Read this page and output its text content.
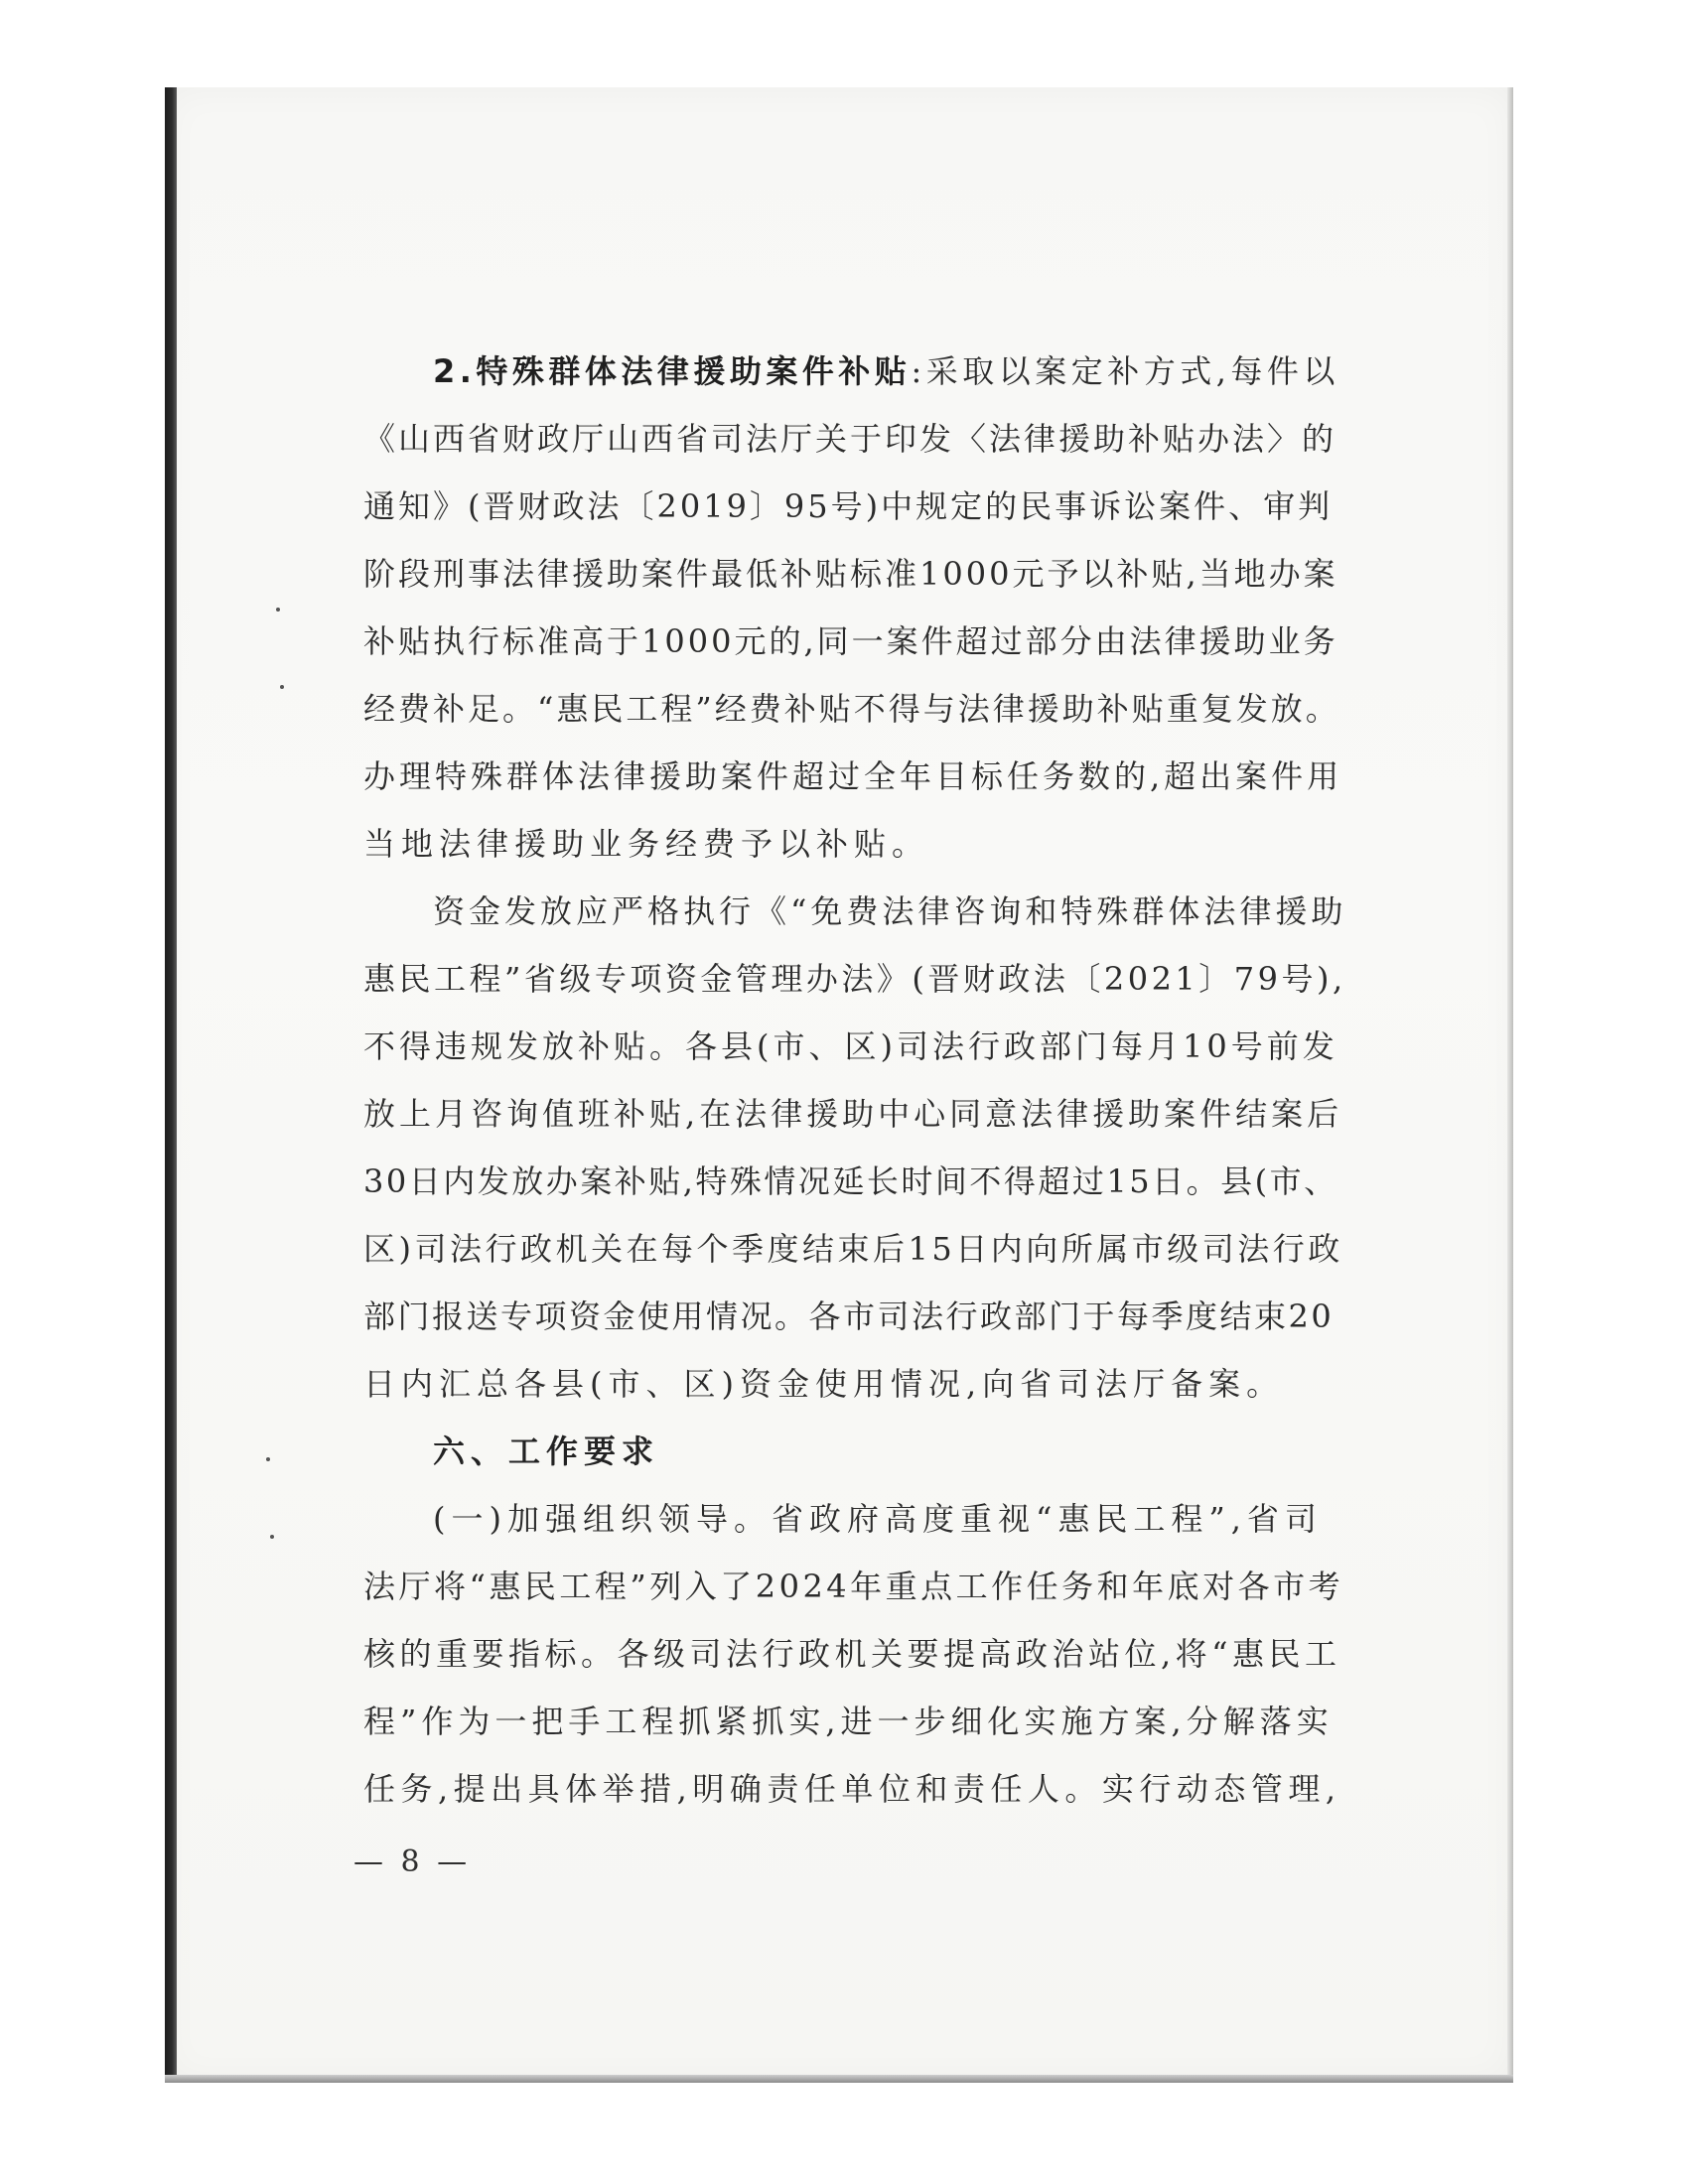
2.特殊群体法律援助案件补贴:采取以案定补方式,每件以
《山西省财政厅山西省司法厅关于印发〈法律援助补贴办法〉的
通知》(晋财政法〔2019〕95号)中规定的民事诉讼案件、审判
阶段刑事法律援助案件最低补贴标准1000元予以补贴,当地办案
补贴执行标准高于1000元的,同一案件超过部分由法律援助业务
经费补足。“惠民工程”经费补贴不得与法律援助补贴重复发放。
办理特殊群体法律援助案件超过全年目标任务数的,超出案件用
当地法律援助业务经费予以补贴。
资金发放应严格执行《“免费法律咨询和特殊群体法律援助
惠民工程”省级专项资金管理办法》(晋财政法〔2021〕79号),
不得违规发放补贴。各县(市、区)司法行政部门每月10号前发
放上月咨询值班补贴,在法律援助中心同意法律援助案件结案后
30日内发放办案补贴,特殊情况延长时间不得超过15日。县(市、
区)司法行政机关在每个季度结束后15日内向所属市级司法行政
部门报送专项资金使用情况。各市司法行政部门于每季度结束20
日内汇总各县(市、区)资金使用情况,向省司法厅备案。
六、工作要求
(一)加强组织领导。省政府高度重视“惠民工程”,省司
法厅将“惠民工程”列入了2024年重点工作任务和年底对各市考
核的重要指标。各级司法行政机关要提高政治站位,将“惠民工
程”作为一把手工程抓紧抓实,进一步细化实施方案,分解落实
任务,提出具体举措,明确责任单位和责任人。实行动态管理,
— 8 —
